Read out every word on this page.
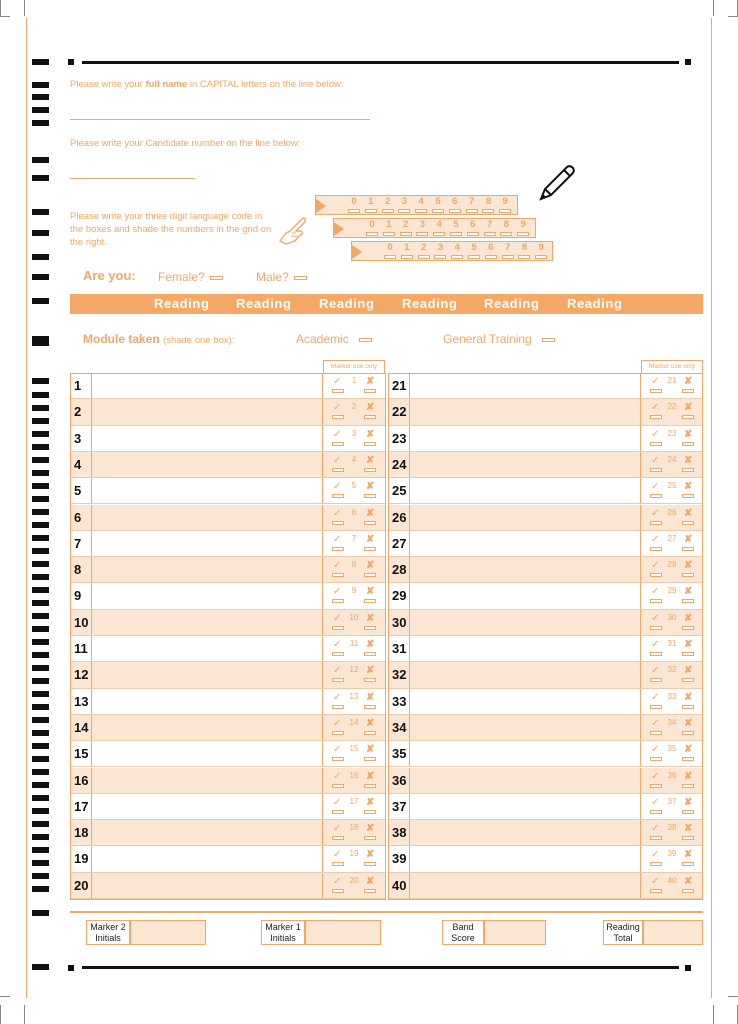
Please write your full name in CAPITAL letters on the line below:
Please write your Candidate number on the line below:
Please write your three digit language code in the boxes and shade the numbers in the grid on the right.
0	1	2	3	4	5	6	7	8	9
0	1	2	3	4	5	6	7	8	9
0	1	2	3	4	5	6	7	8	9
Are you: Female?	Male?
Reading Reading Reading Reading Reading Reading
Module taken (shade one box):	Academic	General Training
Marker use only	Marker use only
1	✓	1 ✘
2	✓	2 ✘
3	✓	3 ✘
4	✓	4 ✘
5	✓	5 ✘
6	✓	6 ✘
7	✓	7 ✘
8	✓	8 ✘
9	✓	9 ✘
10	✓	10 ✘
11	✓	11 ✘
12	✓	12 ✘
13	✓	13 ✘
14	✓	14 ✘
15	✓	15 ✘
16	✓	16 ✘
17	✓	17 ✘
18	✓	18 ✘
19	✓	19 ✘
20	✓	20 ✘
21	✓	21 ✘
22	✓	22 ✘
23	✓	23 ✘
24	✓	24 ✘
25	✓	25 ✘
26	✓	26 ✘
27	✓	27 ✘
28	✓	28 ✘
29	✓	29 ✘
30	✓	30 ✘
31	✓	31 ✘
32	✓	32 ✘
33	✓	33 ✘
34	✓	34 ✘
35	✓	35 ✘
36	✓	36 ✘
37	✓	37 ✘
38	✓	38 ✘
39	✓	39 ✘
40	✓	40 ✘
Marker 2 Initials
Marker 1 Initials
Band Score
Reading Total
